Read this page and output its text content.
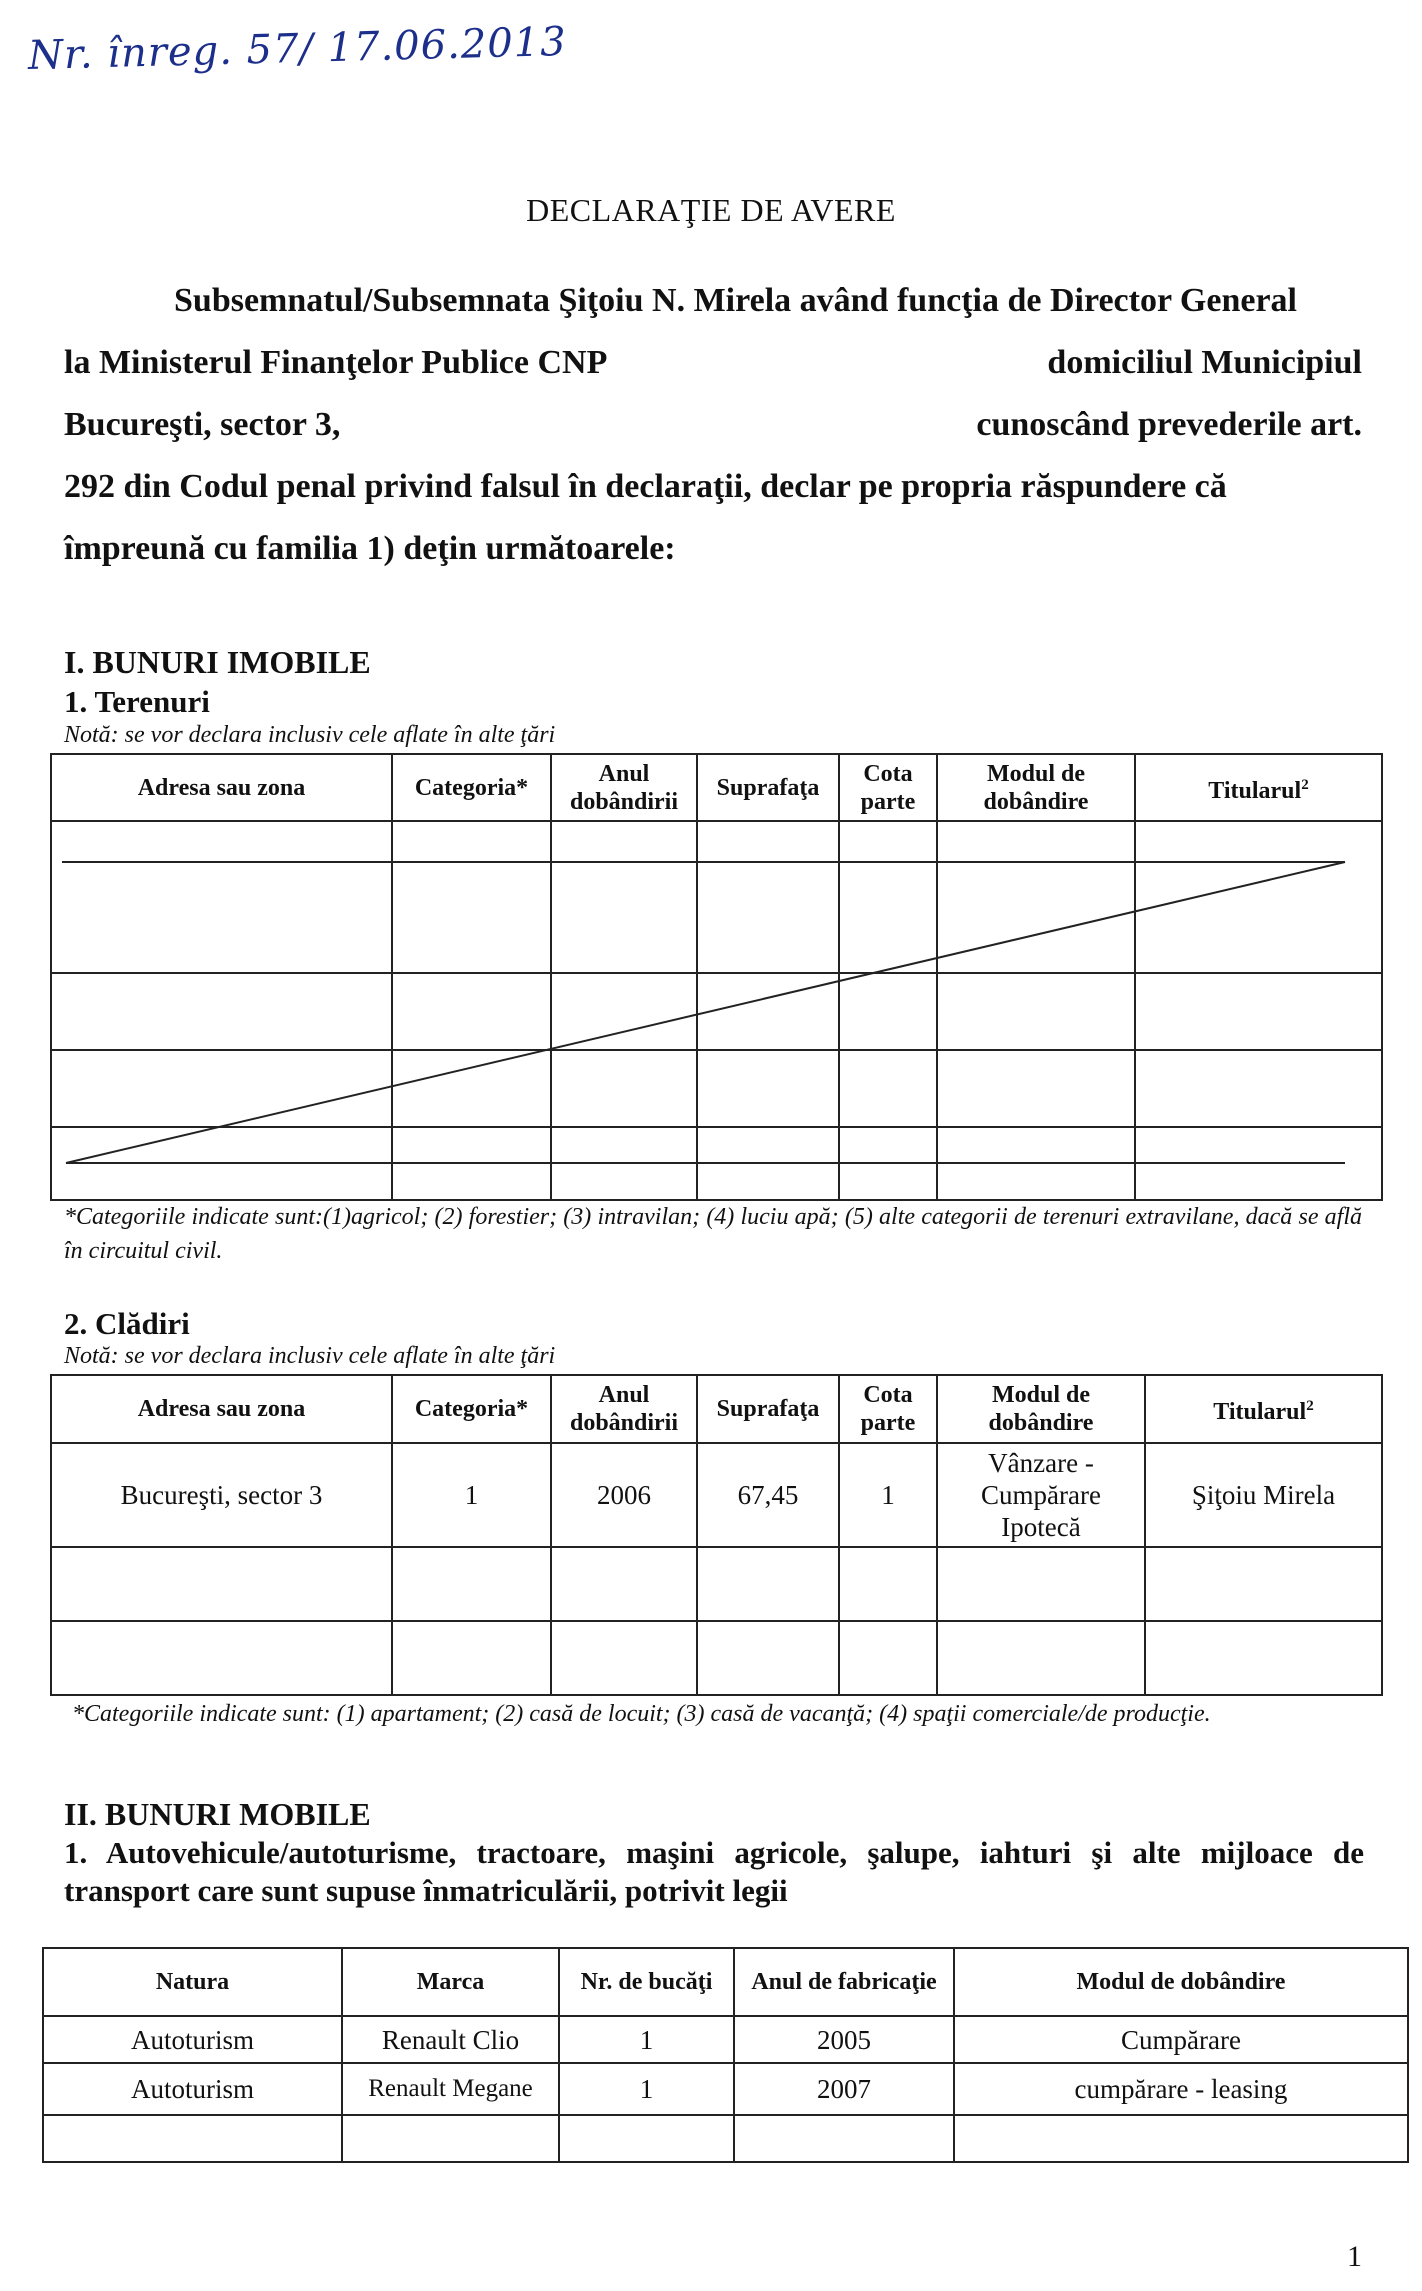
Nr. înreg. 57/ 17.06.2013
DECLARAŢIE DE AVERE

Subsemnatul/Subsemnata Şiţoiu N. Mirela având funcţia de Director General

la Ministerul Finanţelor Publice CNP	domiciliul Municipiul

Bucureşti, sector 3,	cunoscând prevederile art.

292 din Codul penal privind falsul în declaraţii, declar pe propria răspundere că

împreună cu familia 1) deţin următoarele:

I. BUNURI IMOBILE
1. Terenuri
Notă: se vor declara inclusiv cele aflate în alte ţări
Adresa sau zona	Categoria*	Anul dobândirii	Suprafaţa	Cota parte	Modul de dobândire	Titularul$^2$

*Categoriile indicate sunt:(1)agricol; (2) forestier; (3) intravilan; (4) luciu apă; (5) alte categorii de terenuri extravilane, dacă se află în circuitul civil.
2. Clădiri
Notă: se vor declara inclusiv cele aflate în alte ţări
Adresa sau zona	Categoria*	Anul dobândirii	Suprafaţa	Cota parte	Modul de dobândire	Titularul$^2$
Bucureşti, sector 3	1	2006	67,45	1	Vânzare - Cumpărare Ipotecă	Şiţoiu Mirela

*Categoriile indicate sunt: (1) apartament; (2) casă de locuit; (3) casă de vacanţă; (4) spaţii comerciale/de producţie.
II. BUNURI MOBILE
1. Autovehicule/autoturisme, tractoare, maşini agricole, şalupe, iahturi şi alte mijloace de transport care sunt supuse înmatriculării, potrivit legii
Natura	Marca	Nr. de bucăţi	Anul de fabricaţie	Modul de dobândire
Autoturism	Renault Clio	1	2005	Cumpărare
Autoturism	Renault Megane	1	2007	cumpărare - leasing

1
